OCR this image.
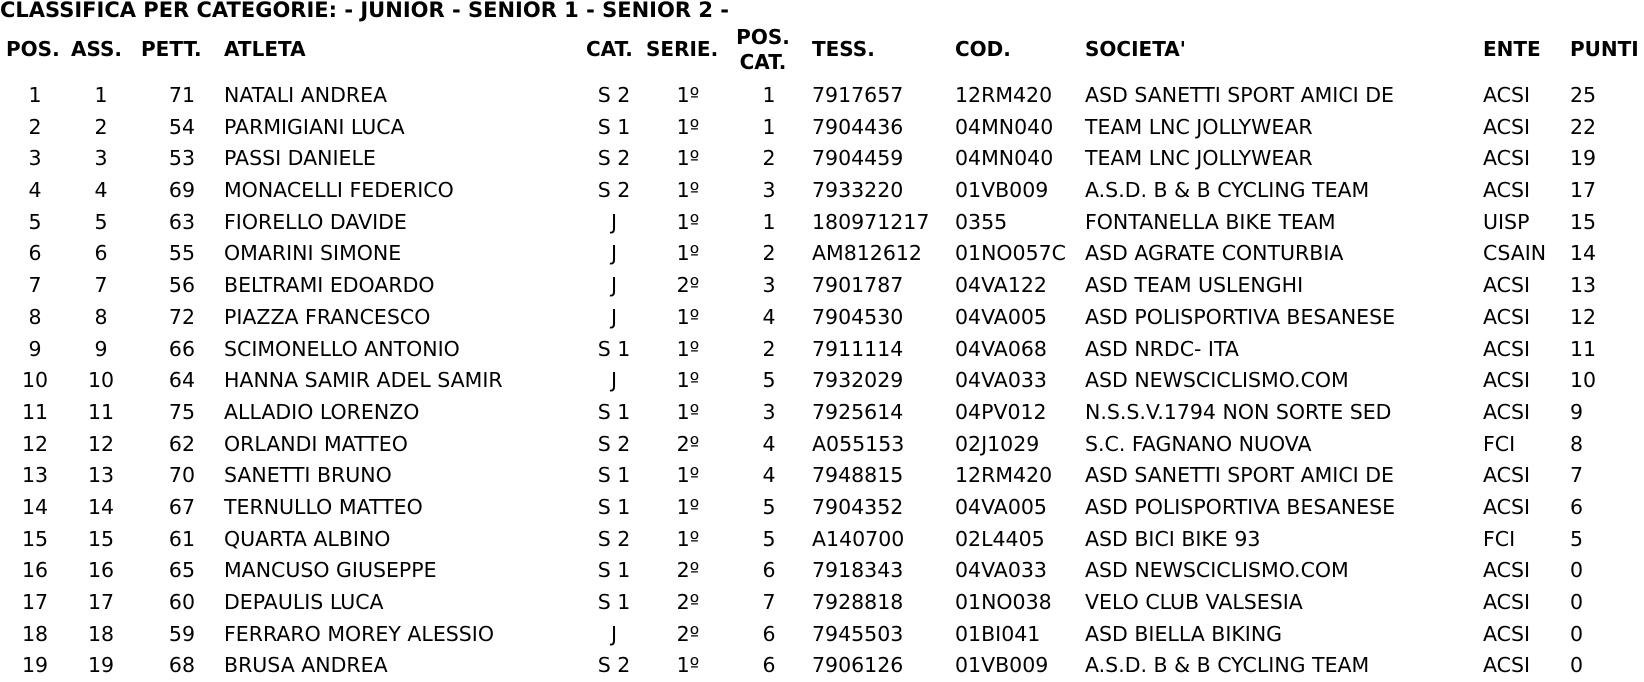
CLASSIFICA PER CATEGORIE: - JUNIOR - SENIOR 1 - SENIOR 2 -
POS. ASS. PETT. ATLETA	CAT. SERIE. POS.
CAT.
TESS.	COD.	SOCIETA'	ENTE PUNTI
1	1	71 NATALI ANDREA	S 2	1º	1	7917657	12RM420 ASD SANETTI SPORT AMICI DE	ACSI 25
2	2	54 PARMIGIANI LUCA	S 1	1º	1	7904436	04MN040 TEAM LNC JOLLYWEAR	ACSI 22
3	3	53 PASSI DANIELE	S 2	1º	2	7904459	04MN040 TEAM LNC JOLLYWEAR	ACSI 19
4	4	69 MONACELLI FEDERICO	S 2	1º	3	7933220	01VB009 A.S.D. B & B CYCLING TEAM	ACSI 17
5	5	63 FIORELLO DAVIDE	J	1º	1	180971217 0355	FONTANELLA BIKE TEAM	UISP 15
6	6	55 OMARINI SIMONE	J	1º	2	AM812612 01NO057C ASD AGRATE CONTURBIA	CSAIN 14
7	7	56 BELTRAMI EDOARDO	J	2º	3	7901787	04VA122 ASD TEAM USLENGHI	ACSI 13
8	8	72 PIAZZA FRANCESCO	J	1º	4	7904530	04VA005 ASD POLISPORTIVA BESANESE	ACSI 12
9	9	66 SCIMONELLO ANTONIO	S 1	1º	2	7911114	04VA068 ASD NRDC- ITA	ACSI 11
10	10	64 HANNA SAMIR ADEL SAMIR	J	1º	5	7932029	04VA033 ASD NEWSCICLISMO.COM	ACSI 10
11	11	75 ALLADIO LORENZO	S 1	1º	3	7925614	04PV012 N.S.S.V.1794 NON SORTE SED	ACSI 9
12	12	62 ORLANDI MATTEO	S 2	2º	4	A055153 02J1029 S.C. FAGNANO NUOVA	FCI	8
13	13	70 SANETTI BRUNO	S 1	1º	4	7948815	12RM420 ASD SANETTI SPORT AMICI DE	ACSI 7
14	14	67 TERNULLO MATTEO	S 1	1º	5	7904352	04VA005 ASD POLISPORTIVA BESANESE	ACSI 6
15	15	61 QUARTA ALBINO	S 2	1º	5	A140700 02L4405 ASD BICI BIKE 93	FCI	5
16	16	65 MANCUSO GIUSEPPE	S 1	2º	6	7918343	04VA033 ASD NEWSCICLISMO.COM	ACSI 0
17	17	60 DEPAULIS LUCA	S 1	2º	7	7928818	01NO038 VELO CLUB VALSESIA	ACSI 0
18	18	59 FERRARO MOREY ALESSIO	J	2º	6	7945503	01BI041 ASD BIELLA BIKING	ACSI 0
19	19	68 BRUSA ANDREA	S 2	1º	6	7906126	01VB009 A.S.D. B & B CYCLING TEAM	ACSI 0
